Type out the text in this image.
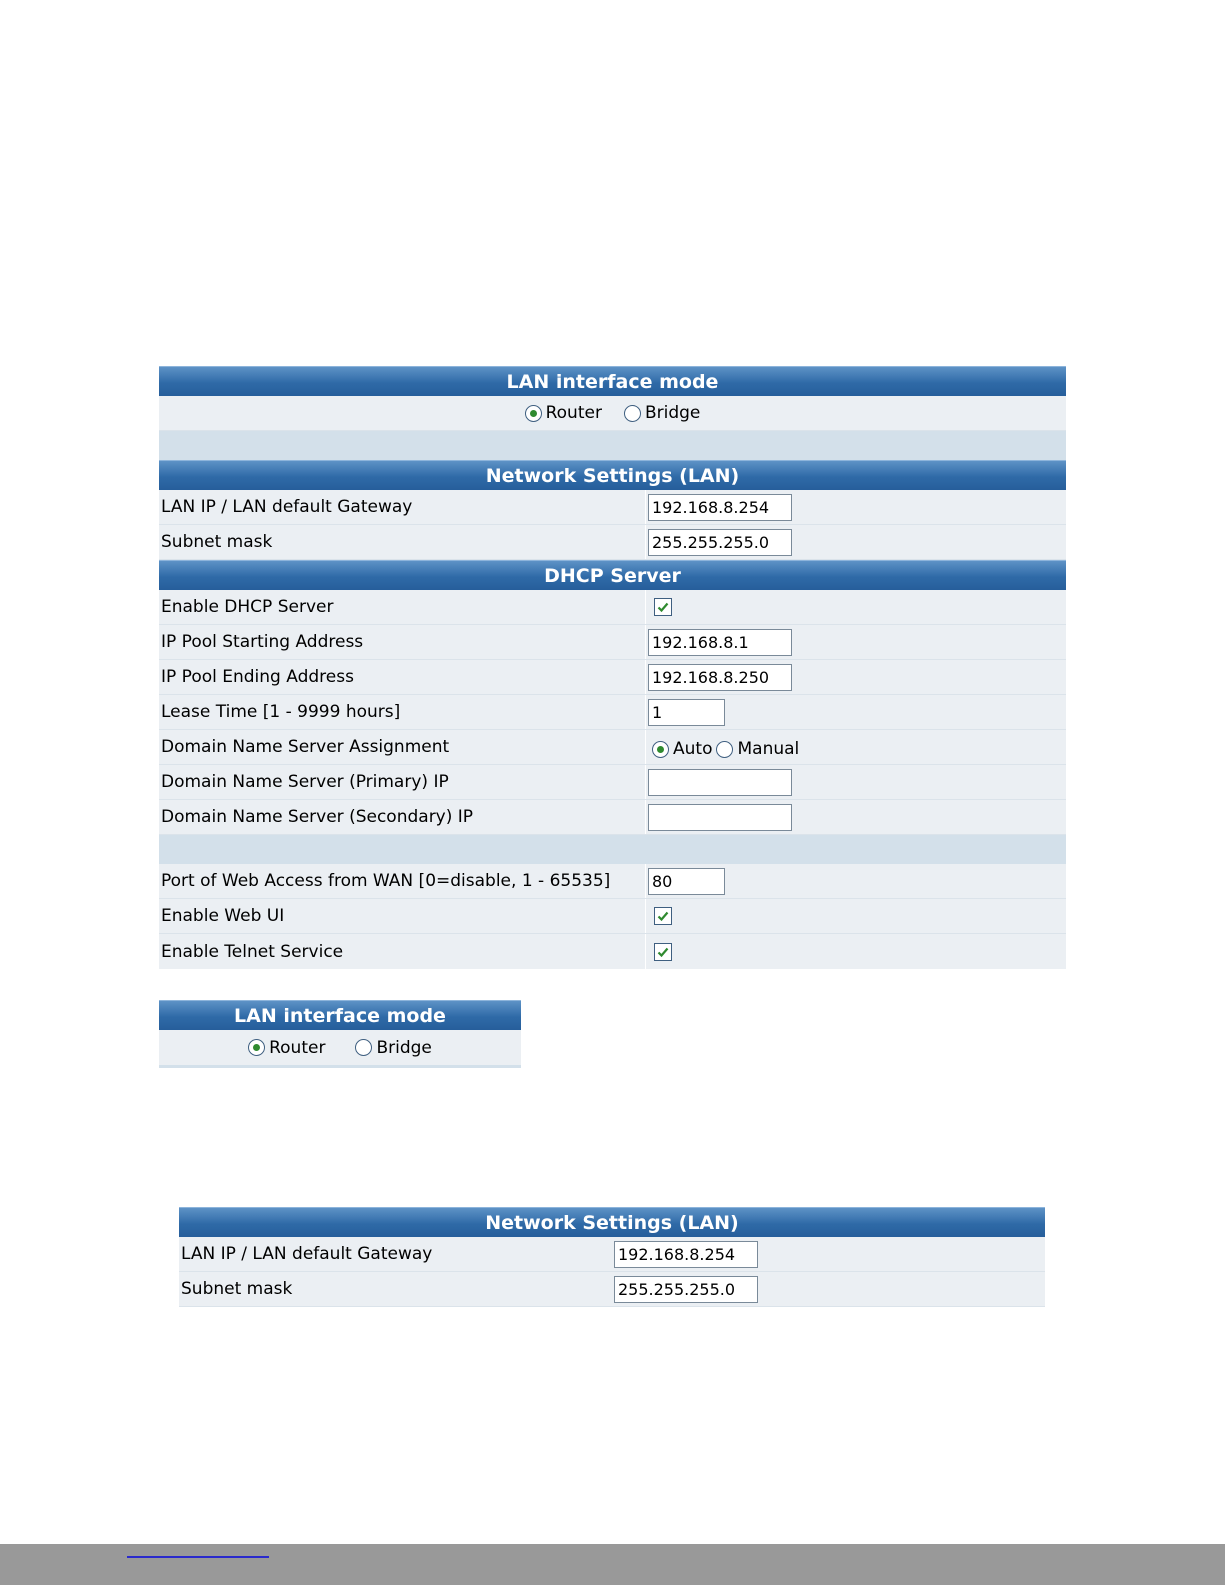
LAN interface mode
Router	Bridge
Network Settings (LAN)
LAN IP / LAN default Gateway	192.168.8.254
Subnet mask	255.255.255.0
DHCP Server
Enable DHCP Server
IP Pool Starting Address	192.168.8.1
IP Pool Ending Address	192.168.8.250
Lease Time [1 - 9999 hours]	1
Domain Name Server Assignment	Auto Manual
Domain Name Server (Primary) IP
Domain Name Server (Secondary) IP
Port of Web Access from WAN [0=disable, 1 - 65535]	80
Enable Web UI
Enable Telnet Service
LAN interface mode
Router	Bridge
Network Settings (LAN)
LAN IP / LAN default Gateway	192.168.8.254
Subnet mask	255.255.255.0
